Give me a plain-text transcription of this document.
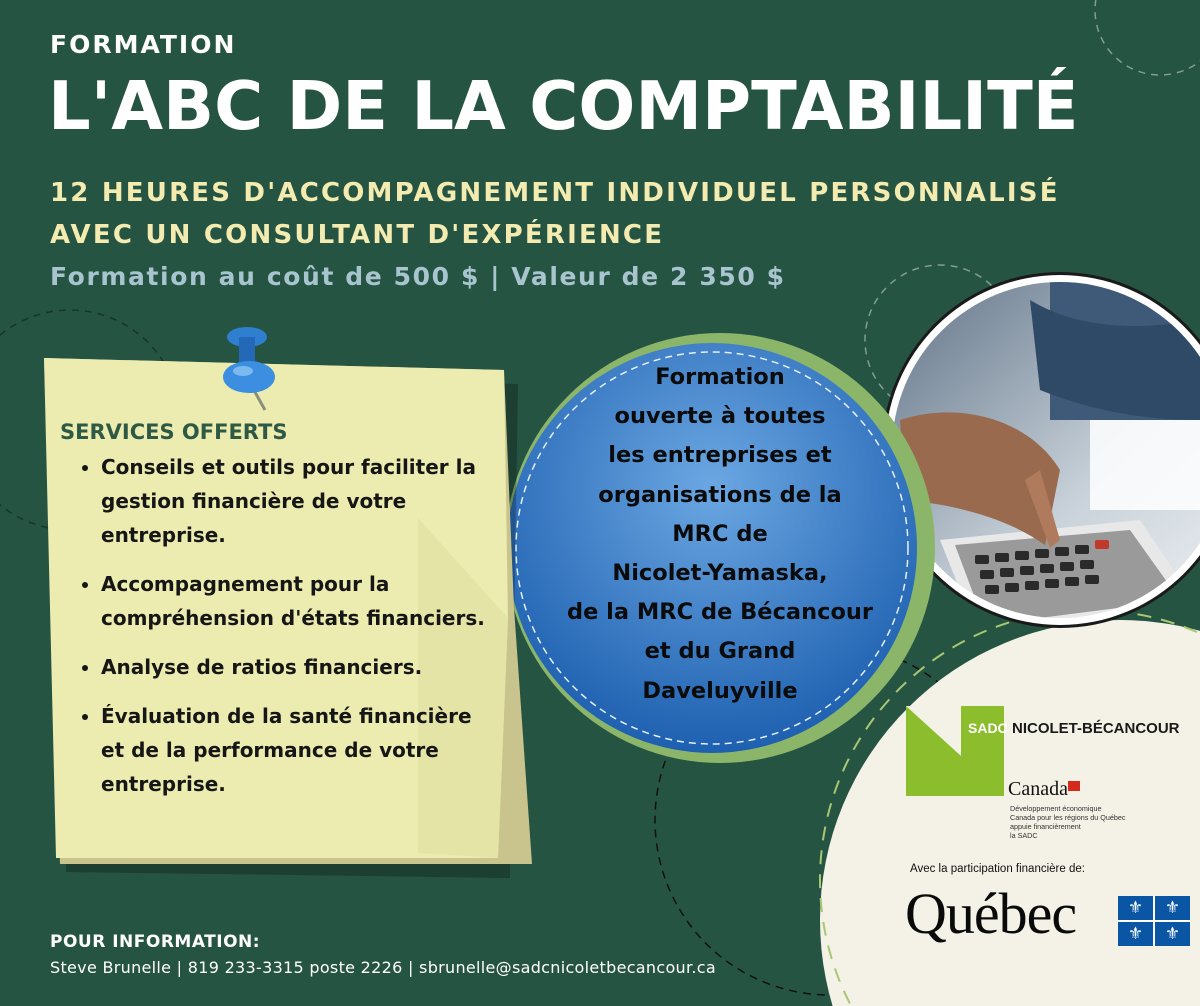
FORMATION
L'ABC DE LA COMPTABILITÉ
12 HEURES D'ACCOMPAGNEMENT INDIVIDUEL PERSONNALISÉ
AVEC UN CONSULTANT D'EXPÉRIENCE
Formation au coût de 500 $ | Valeur de 2 350 $
SERVICES OFFERTS
• Conseils et outils pour faciliter la gestion financière de votre entreprise.
• Accompagnement pour la compréhension d'états financiers.
• Analyse de ratios financiers.
• Évaluation de la santé financière et de la performance de votre entreprise.
Formation
ouverte à toutes
les entreprises et
organisations de la
MRC de
Nicolet-Yamaska,
de la MRC de Bécancour
et du Grand
Daveluyville
SADC NICOLET-BÉCANCOUR
Canada
Développement économique
Canada pour les régions du Québec
appuie financièrement
la SADC
Avec la participation financière de:
Québec	⚜	⚜
⚜	⚜
POUR INFORMATION:
Steve Brunelle | 819 233-3315 poste 2226 | sbrunelle@sadcnicoletbecancour.ca
